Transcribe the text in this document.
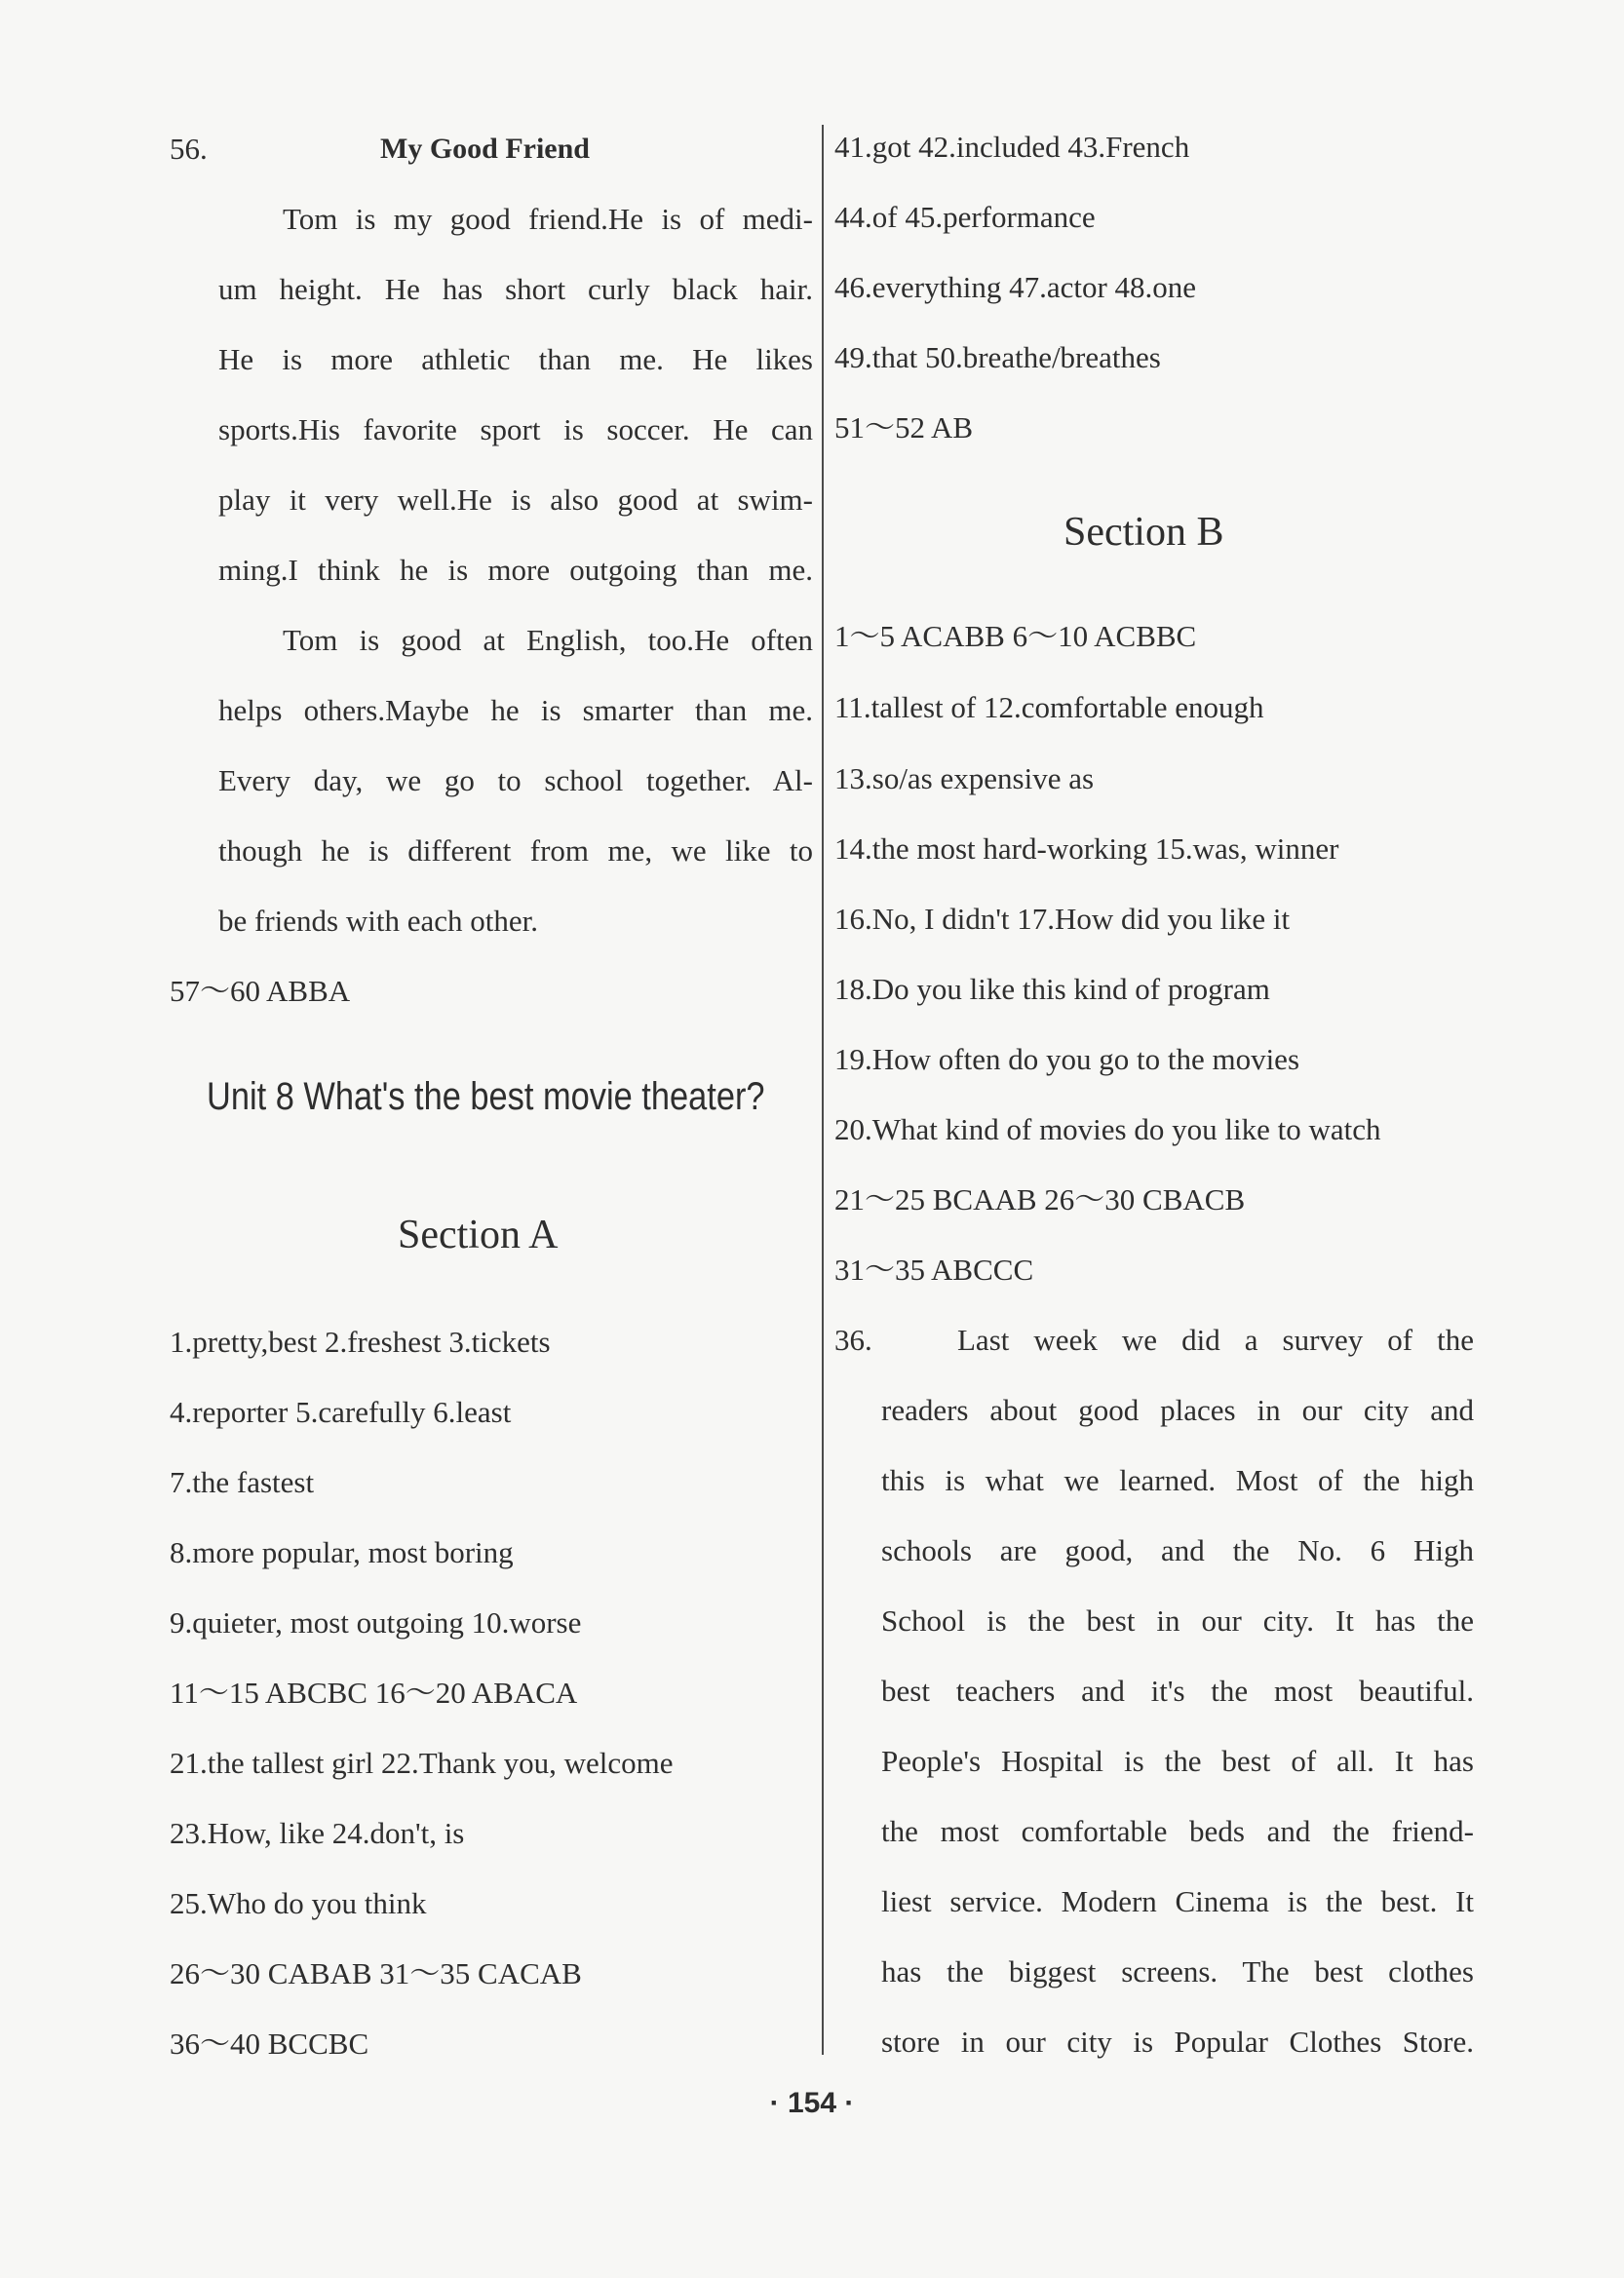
56.	My Good Friend
Tom is my good friend.He is of medi-
um height. He has short curly black hair.
He is more athletic than me. He likes
sports.His favorite sport is soccer. He can
play it very well.He is also good at swim-
ming.I think he is more outgoing than me.
Tom is good at English, too.He often
helps others.Maybe he is smarter than me.
Every day, we go to school together. Al-
though he is different from me, we like to
be friends with each other.
57～60 ABBA
Unit 8 What's the best movie theater?
Section A
1.pretty,best 2.freshest 3.tickets
4.reporter 5.carefully 6.least
7.the fastest
8.more popular, most boring
9.quieter, most outgoing 10.worse
11～15 ABCBC 16～20 ABACA
21.the tallest girl 22.Thank you, welcome
23.How, like 24.don't, is
25.Who do you think
26～30 CABAB 31～35 CACAB
36～40 BCCBC
41.got 42.included 43.French
44.of 45.performance
46.everything 47.actor 48.one
49.that 50.breathe/breathes
51～52 AB
Section B
1～5 ACABB 6～10 ACBBC
11.tallest of 12.comfortable enough
13.so/as expensive as
14.the most hard-working 15.was, winner
16.No, I didn't 17.How did you like it
18.Do you like this kind of program
19.How often do you go to the movies
20.What kind of movies do you like to watch
21～25 BCAAB 26～30 CBACB
31～35 ABCCC
36.	Last week we did a survey of the
readers about good places in our city and
this is what we learned. Most of the high
schools are good, and the No. 6 High
School is the best in our city. It has the
best teachers and it's the most beautiful.
People's Hospital is the best of all. It has
the most comfortable beds and the friend-
liest service. Modern Cinema is the best. It
has the biggest screens. The best clothes
store in our city is Popular Clothes Store.
· 154 ·
